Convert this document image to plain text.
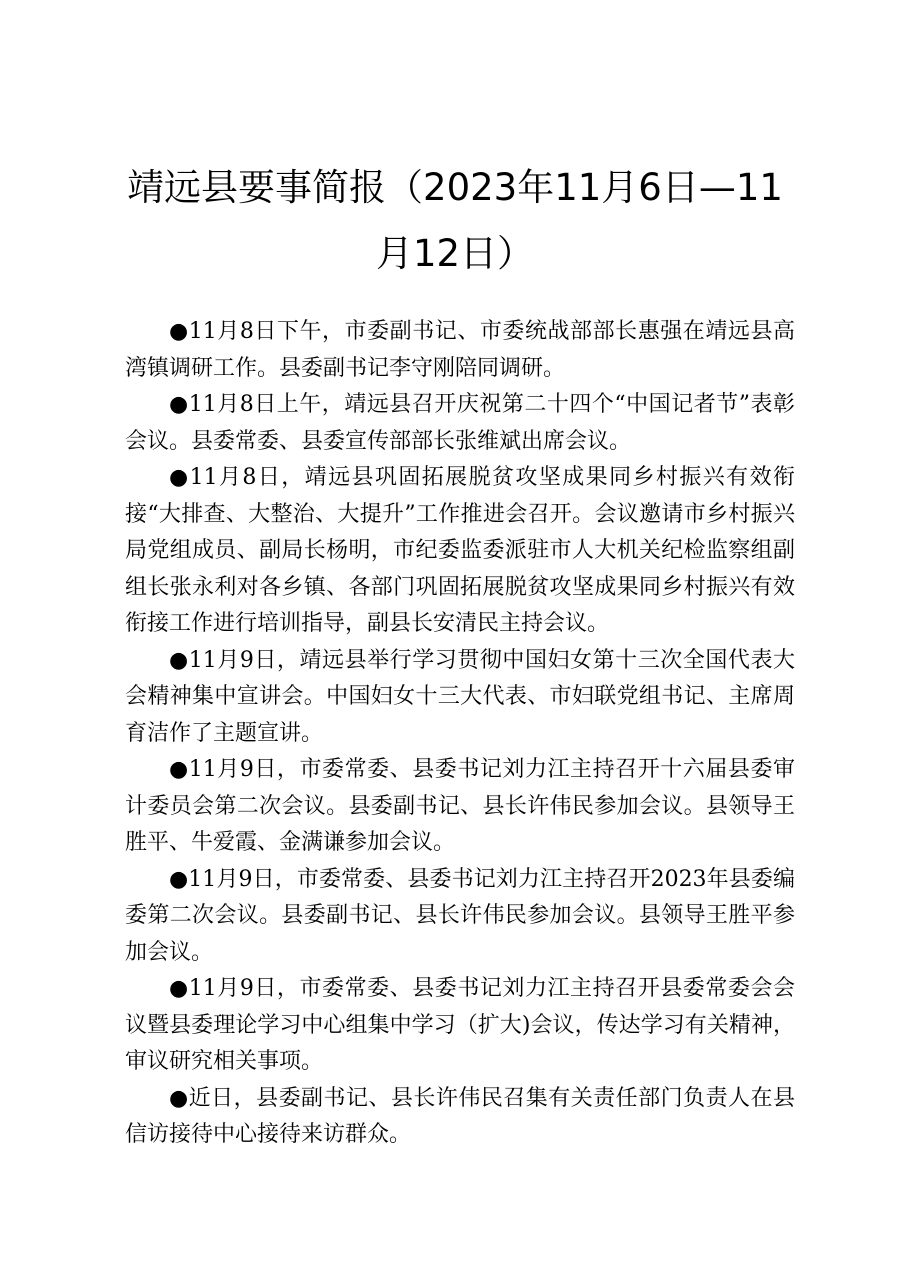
靖远县要事简报（2023年11月6日—11月12日）

●11月8日下午，市委副书记、市委统战部部长惠强在靖远县高湾镇调研工作。县委副书记李守刚陪同调研。

●11月8日上午，靖远县召开庆祝第二十四个“中国记者节”表彰会议。县委常委、县委宣传部部长张维斌出席会议。

●11月8日，靖远县巩固拓展脱贫攻坚成果同乡村振兴有效衔接“大排查、大整治、大提升”工作推进会召开。会议邀请市乡村振兴局党组成员、副局长杨明，市纪委监委派驻市人大机关纪检监察组副组长张永利对各乡镇、各部门巩固拓展脱贫攻坚成果同乡村振兴有效衔接工作进行培训指导，副县长安清民主持会议。

●11月9日，靖远县举行学习贯彻中国妇女第十三次全国代表大会精神集中宣讲会。中国妇女十三大代表、市妇联党组书记、主席周育洁作了主题宣讲。

●11月9日，市委常委、县委书记刘力江主持召开十六届县委审计委员会第二次会议。县委副书记、县长许伟民参加会议。县领导王胜平、牛爱霞、金满谦参加会议。

●11月9日，市委常委、县委书记刘力江主持召开2023年县委编委第二次会议。县委副书记、县长许伟民参加会议。县领导王胜平参加会议。

●11月9日，市委常委、县委书记刘力江主持召开县委常委会会议暨县委理论学习中心组集中学习（扩大)会议，传达学习有关精神，审议研究相关事项。

●近日，县委副书记、县长许伟民召集有关责任部门负责人在县信访接待中心接待来访群众。
